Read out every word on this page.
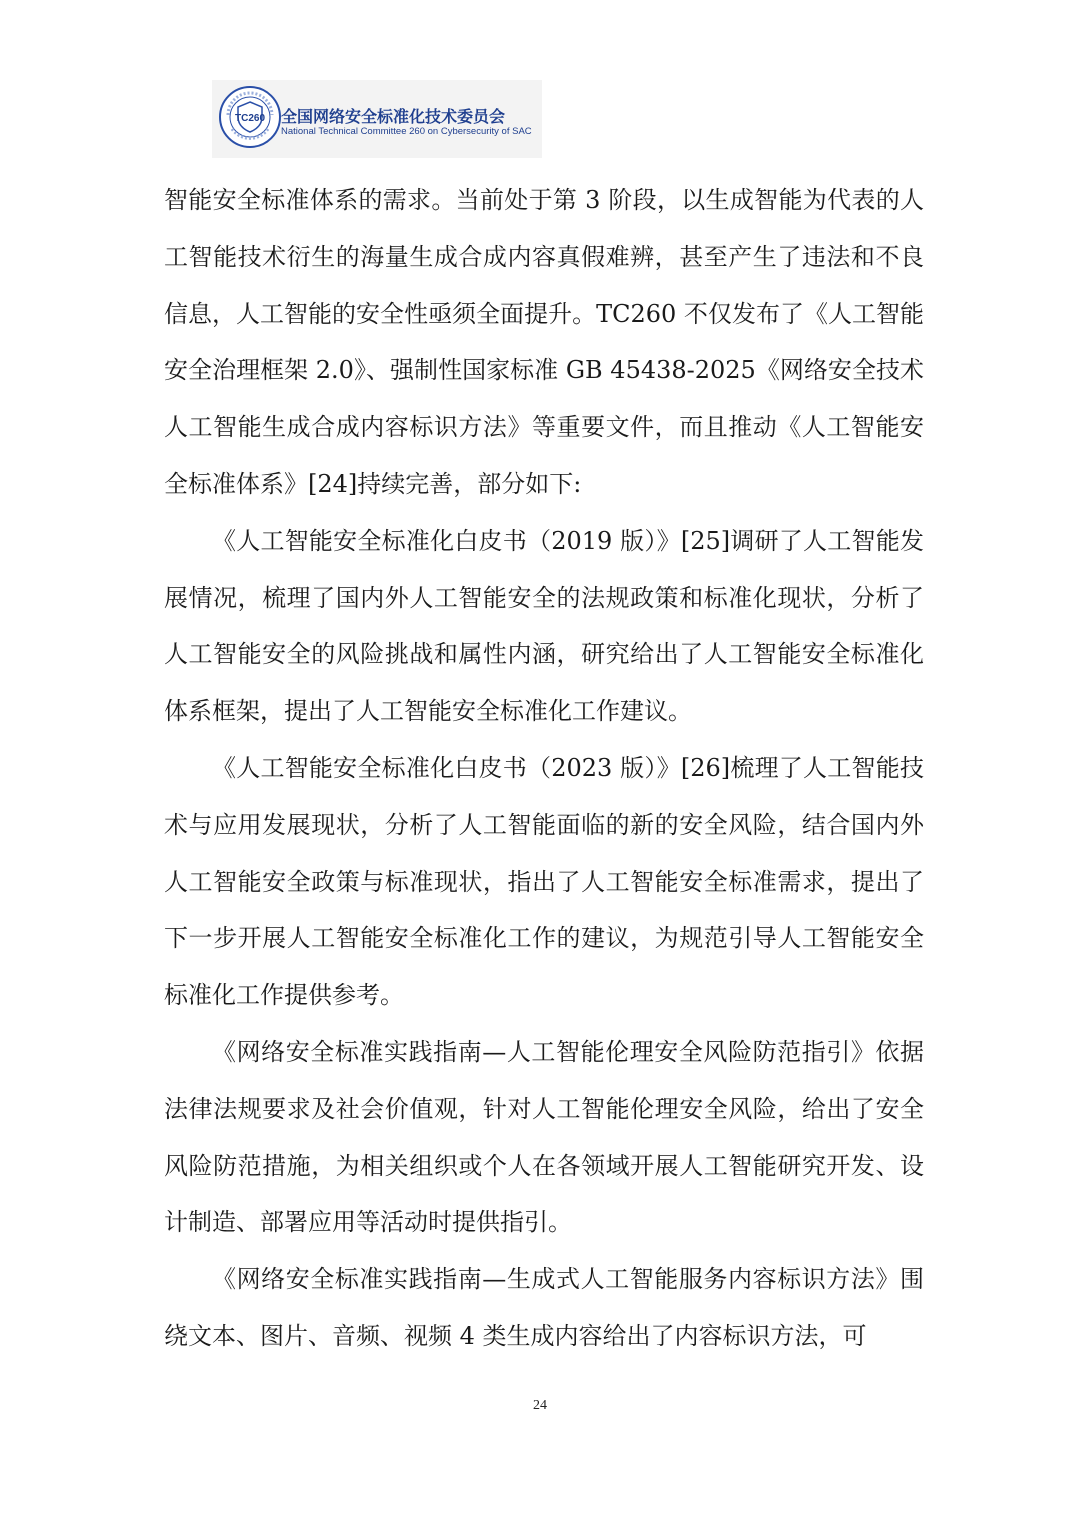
TC260 全国网络安全标准化技术委员会
National Technical Committee 260 on Cybersecurity of SAC

智能安全标准体系的需求。当前处于第 3 阶段，以生成智能为代表的人工智能技术衍生的海量生成合成内容真假难辨，甚至产生了违法和不良信息，人工智能的安全性亟须全面提升。TC260 不仅发布了《人工智能安全治理框架 2.0》、强制性国家标准 GB 45438-2025《网络安全技术 人工智能生成合成内容标识方法》等重要文件，而且推动《人工智能安全标准体系》[24]持续完善，部分如下:

《人工智能安全标准化白皮书（2019 版）》[25]调研了人工智能发展情况，梳理了国内外人工智能安全的法规政策和标准化现状，分析了人工智能安全的风险挑战和属性内涵，研究给出了人工智能安全标准化体系框架，提出了人工智能安全标准化工作建议。

《人工智能安全标准化白皮书（2023 版）》[26]梳理了人工智能技术与应用发展现状，分析了人工智能面临的新的安全风险，结合国内外人工智能安全政策与标准现状，指出了人工智能安全标准需求，提出了下一步开展人工智能安全标准化工作的建议，为规范引导人工智能安全标准化工作提供参考。

《网络安全标准实践指南—人工智能伦理安全风险防范指引》依据法律法规要求及社会价值观，针对人工智能伦理安全风险，给出了安全风险防范措施，为相关组织或个人在各领域开展人工智能研究开发、设计制造、部署应用等活动时提供指引。

《网络安全标准实践指南—生成式人工智能服务内容标识方法》围绕文本、图片、音频、视频 4 类生成内容给出了内容标识方法，可

24
